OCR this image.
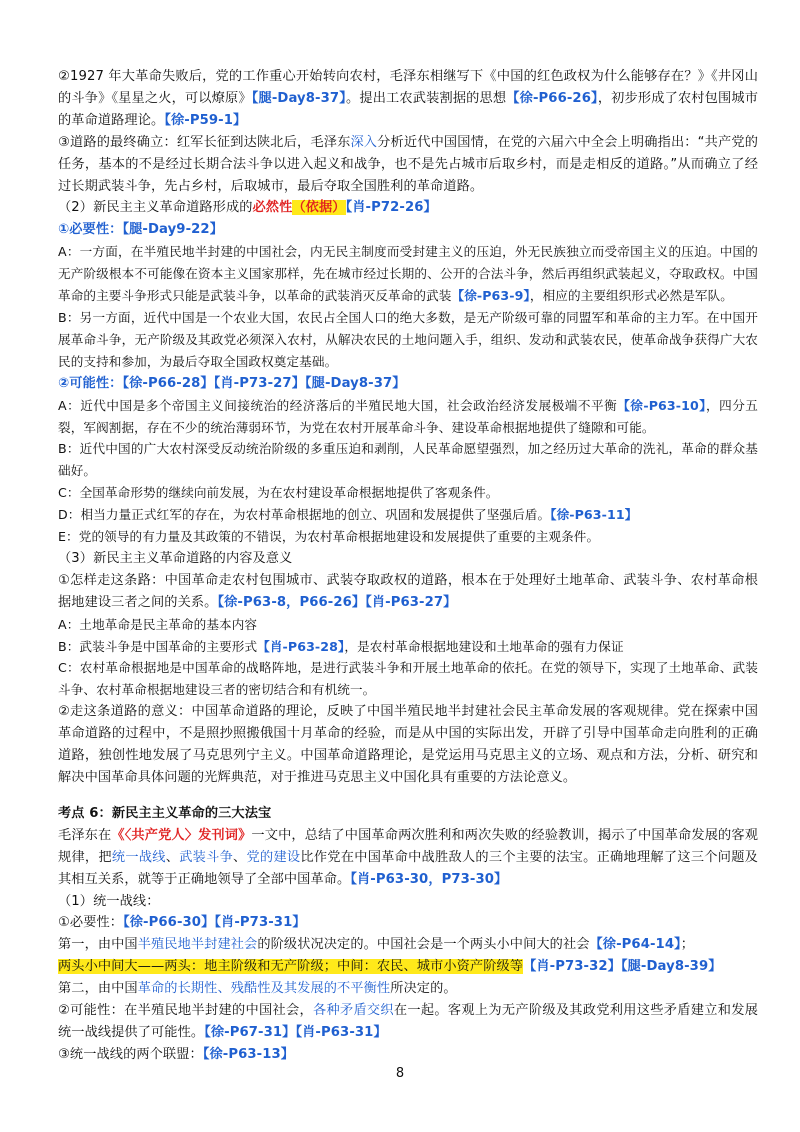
②1927 年大革命失败后，党的工作重心开始转向农村，毛泽东相继写下《中国的红色政权为什么能够存在？》《井冈山的斗争》《星星之火，可以燎原》【腿-Day8-37】。提出工农武装割据的思想【徐-P66-26】，初步形成了农村包围城市的革命道路理论。【徐-P59-1】

③道路的最终确立：红军长征到达陕北后，毛泽东深入分析近代中国国情，在党的六届六中全会上明确指出：“共产党的任务，基本的不是经过长期合法斗争以进入起义和战争，也不是先占城市后取乡村，而是走相反的道路。”从而确立了经过长期武装斗争，先占乡村，后取城市，最后夺取全国胜利的革命道路。

（2）新民主主义革命道路形成的必然性（依据）【肖-P72-26】

①必要性：【腿-Day9-22】

A：一方面，在半殖民地半封建的中国社会，内无民主制度而受封建主义的压迫，外无民族独立而受帝国主义的压迫。中国的无产阶级根本不可能像在资本主义国家那样，先在城市经过长期的、公开的合法斗争，然后再组织武装起义，夺取政权。中国革命的主要斗争形式只能是武装斗争，以革命的武装消灭反革命的武装【徐-P63-9】，相应的主要组织形式必然是军队。

B：另一方面，近代中国是一个农业大国，农民占全国人口的绝大多数，是无产阶级可靠的同盟军和革命的主力军。在中国开展革命斗争，无产阶级及其政党必须深入农村，从解决农民的土地问题入手，组织、发动和武装农民，使革命战争获得广大农民的支持和参加，为最后夺取全国政权奠定基础。

②可能性：【徐-P66-28】【肖-P73-27】【腿-Day8-37】

A：近代中国是多个帝国主义间接统治的经济落后的半殖民地大国，社会政治经济发展极端不平衡【徐-P63-10】，四分五裂，军阀割据，存在不少的统治薄弱环节，为党在农村开展革命斗争、建设革命根据地提供了缝隙和可能。

B：近代中国的广大农村深受反动统治阶级的多重压迫和剥削，人民革命愿望强烈，加之经历过大革命的洗礼，革命的群众基础好。

C：全国革命形势的继续向前发展，为在农村建设革命根据地提供了客观条件。

D：相当力量正式红军的存在，为农村革命根据地的创立、巩固和发展提供了坚强后盾。【徐-P63-11】

E：党的领导的有力量及其政策的不错误，为农村革命根据地建设和发展提供了重要的主观条件。

（3）新民主主义革命道路的内容及意义

①怎样走这条路：中国革命走农村包围城市、武装夺取政权的道路，根本在于处理好土地革命、武装斗争、农村革命根据地建设三者之间的关系。【徐-P63-8，P66-26】【肖-P63-27】

A：土地革命是民主革命的基本内容

B：武装斗争是中国革命的主要形式【肖-P63-28】，是农村革命根据地建设和土地革命的强有力保证

C：农村革命根据地是中国革命的战略阵地，是进行武装斗争和开展土地革命的依托。在党的领导下，实现了土地革命、武装斗争、农村革命根据地建设三者的密切结合和有机统一。

②走这条道路的意义：中国革命道路的理论，反映了中国半殖民地半封建社会民主革命发展的客观规律。党在探索中国革命道路的过程中，不是照抄照搬俄国十月革命的经验，而是从中国的实际出发，开辟了引导中国革命走向胜利的正确道路，独创性地发展了马克思列宁主义。中国革命道路理论，是党运用马克思主义的立场、观点和方法，分析、研究和解决中国革命具体问题的光辉典范，对于推进马克思主义中国化具有重要的方法论意义。

考点 6：新民主主义革命的三大法宝

毛泽东在《〈共产党人〉发刊词》一文中，总结了中国革命两次胜利和两次失败的经验教训，揭示了中国革命发展的客观规律，把统一战线、武装斗争、党的建设比作党在中国革命中战胜敌人的三个主要的法宝。正确地理解了这三个问题及其相互关系，就等于正确地领导了全部中国革命。【肖-P63-30，P73-30】

（1）统一战线：

①必要性：【徐-P66-30】【肖-P73-31】

第一，由中国半殖民地半封建社会的阶级状况决定的。中国社会是一个两头小中间大的社会【徐-P64-14】；

两头小中间大——两头：地主阶级和无产阶级；中间：农民、城市小资产阶级等【肖-P73-32】【腿-Day8-39】

第二，由中国革命的长期性、残酷性及其发展的不平衡性所决定的。

②可能性：在半殖民地半封建的中国社会，各种矛盾交织在一起。客观上为无产阶级及其政党利用这些矛盾建立和发展统一战线提供了可能性。【徐-P67-31】【肖-P63-31】

③统一战线的两个联盟：【徐-P63-13】

8
